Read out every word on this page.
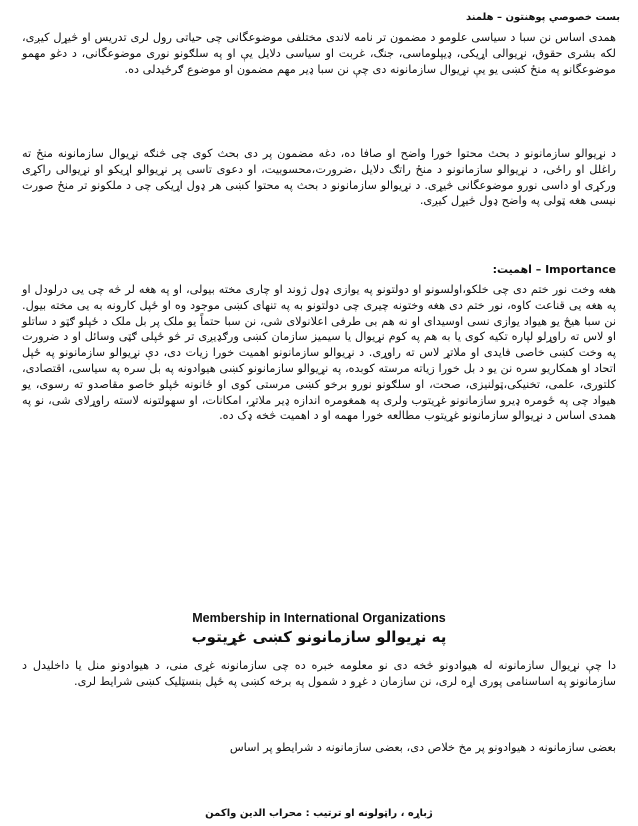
بست خصوصي پوهنتون – هلمند
همدی اساس نن سبا د سیاسی علومو د مضمون تر نامه لاندی مختلفی موضوعگانی چی حیاتی رول لری تدریس او څیړل کیږی، لکه بشری حقوق، نړیوالی اړیکی، ډیپلوماسی، جنګ، غربت او سیاسی دلایل یې او په سلګونو نوری موضوعگانی، د دغو مهمو موضوعگانو په منځ کښی یو یې نړیوال سازمانونه دی چې نن سبا ډیر مهم مضمون او موضوع ګرځیدلی ده.
د نړیوالو سازمانونو د بحث محتوا خورا واضح او صافا ده، دغه مضمون پر دی بحث کوی چی څنګه نړیوال سازمانونه منځ ته راغلل او راځی، د نړیوالو سازمانونو د منځ راتګ دلایل ،ضرورت،محسوبیت، او دعوی تاسی پر نړیوالو اړیکو او نړیوالی راکړی ورکړی او داسی نورو موضوعگانی څیړی. د نړیوالو سازمانونو د بحث په محتوا کښی هر ډول اړیکی چی د ملکونو تر منځ صورت نیسی هغه ټولی په واضح ډول څیړل کیږی.
Importance – اهمیت:
هغه وخت نور ختم دی چی خلکو،اولسونو او دولتونو په یوازی ډول ژوند او چاری مخته بیولی، او په هغه لر څه چی یی درلودل او په هغه یی قناعت کاوه، نور ختم دی هغه وختونه چیری چی دولتونو به په تنهای کښی موجود وه او ځپل کارونه به یی مخته بیول. نن سبا هیڅ یو هیواد یوازی نسی اوسیدای او نه هم بی طرفی اعلانولای شی، نن سبا حتماً یو ملک پر بل ملک د ځپلو ګټو د ساتلو او لاس ته راوړلو لپاره تکیه کوی یا به هم په کوم نړیوال یا سیمیز سازمان کښی ورګډیږی تر څو ځپلی ګټی وسائل او د ضرورت په وخت کښی خاصی فایدی او ملاتړ لاس ته راوړی. د نړیوالو سازمانونو اهمیت خورا زیات دی، دې نړیوالو سازمانونو په ځپل اتحاد او همکاریو سره نن یو د بل خورا زیاته مرسته کوبده، په نړیوالو سازمانونو کښی هیوادونه په بل سره په سیاسی، اقتصادی، کلتوری، علمی، تخنیکی،ټولنیزی، صحت، او سلګونو نورو برخو کښی مرستی کوی او ځانونه ځپلو خاصو مقاصدو ته رسوی، یو هیواد چی په ځومره ډیرو سازمانونو غړیتوب ولری په همغومره اندازه ډیر ملاتړ، امکانات، او سهولتونه لاسته راوړلای شی، نو په همدی اساس د نړیوالو سازمانونو غړیتوب مطالعه خورا مهمه او د اهمیت څخه ډک ده.
Membership in International Organizations
په نړیوالو سازمانونو کښی غړیتوب
دا چې نړیوال سازمانونه له هیوادونو څخه دی نو معلومه خبره ده چی سازمانونه غړی منی، د هیوادونو منل یا داخلیدل د سازمانونو په اساسنامی پوری اړه لری، نن سازمان د غړو د شمول په برخه کښی په ځپل بنسټلیک کښی شرایط لری.
بعضی سازمانونه د هیوادونو پر مخ خلاص دی، بعضی سازمانونه د شرایطو پر اساس
ژباړه ، راټولونه او ترتیب : محراب الدین واکمن
